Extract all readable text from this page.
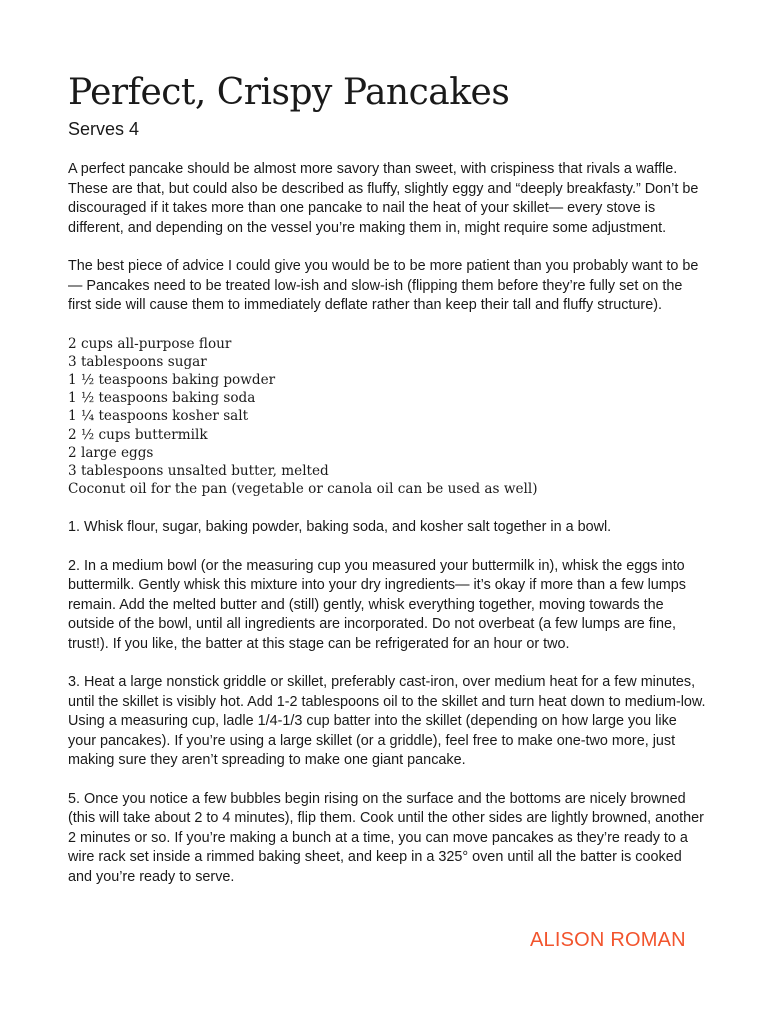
Perfect, Crispy Pancakes

Serves 4

A perfect pancake should be almost more savory than sweet, with crispiness that rivals a waffle. These are that, but could also be described as fluffy, slightly eggy and “deeply breakfasty.” Don’t be discouraged if it takes more than one pancake to nail the heat of your skillet— every stove is different, and depending on the vessel you’re making them in, might require some adjustment.

The best piece of advice I could give you would be to be more patient than you probably want to be — Pancakes need to be treated low-ish and slow-ish (flipping them before they’re fully set on the first side will cause them to immediately deflate rather than keep their tall and fluffy structure).

2 cups all-purpose flour
3 tablespoons sugar
1 ½ teaspoons baking powder
1 ½ teaspoons baking soda
1 ¼ teaspoons kosher salt
2 ½ cups buttermilk
2 large eggs
3 tablespoons unsalted butter, melted
Coconut oil for the pan (vegetable or canola oil can be used as well)

1. Whisk flour, sugar, baking powder, baking soda, and kosher salt together in a bowl.

2. In a medium bowl (or the measuring cup you measured your buttermilk in), whisk the eggs into buttermilk. Gently whisk this mixture into your dry ingredients— it’s okay if more than a few lumps remain. Add the melted butter and (still) gently, whisk everything together, moving towards the outside of the bowl, until all ingredients are incorporated. Do not overbeat (a few lumps are fine, trust!). If you like, the batter at this stage can be refrigerated for an hour or two.

3. Heat a large nonstick griddle or skillet, preferably cast-iron, over medium heat for a few minutes, until the skillet is visibly hot. Add 1-2 tablespoons oil to the skillet and turn heat down to medium-low. Using a measuring cup, ladle 1/4-1/3 cup batter into the skillet (depending on how large you like your pancakes). If you’re using a large skillet (or a griddle), feel free to make one-two more, just making sure they aren’t spreading to make one giant pancake.

5. Once you notice a few bubbles begin rising on the surface and the bottoms are nicely browned (this will take about 2 to 4 minutes), flip them. Cook until the other sides are lightly browned, another 2 minutes or so. If you’re making a bunch at a time, you can move pancakes as they’re ready to a wire rack set inside a rimmed baking sheet, and keep in a 325° oven until all the batter is cooked and you’re ready to serve.

ALISON ROMAN
